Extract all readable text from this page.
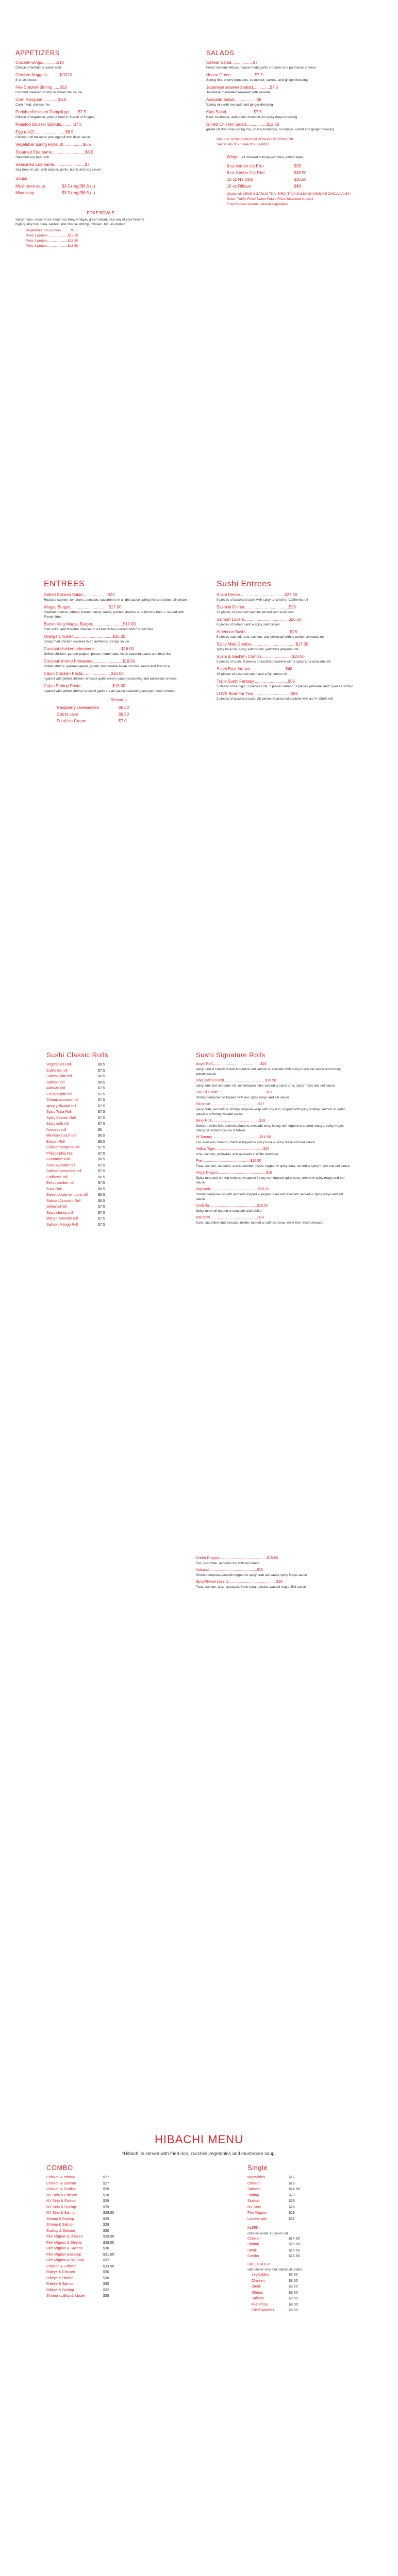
APPETIZERS
Chicken wings.............$10
Choice of buffalo or sweet chili
Chicken Nuggets...........$10/10
8 or 10 pieces
Fire Cracker Shrimp.......$10
Coconut breaded shrimp in sweet chili sauce
Corn Rangoon..............$6.5
Corn meat, cheese mix
Pork/beef/chicken Dumplings........$7.5
Choice of vegetable, pork or beef in Starch of 6 types
Roasted Brussel Sprouts...........$7.5
Egg roll(2)...........................$6.5
Chicken roll balsamic pink eggroll with duck sauce
Vegetable Spring Rolls (3).................$6.5
Steamed Edamame.............................$6.5
Steamed soy bean roll
Seasoned Edamame...........................$7
Soy bean in salt, chili pepper, garlic, butter and soy sauce
Soups
Mushroom soup	$3.5 (reg)/$6.5 (L)
Miso soup	$3.5 (reg)/$6.5 (L)
POKE BOWLS
Spicy mayo, sesame oil, Asian rice brew vinegar, green Salad, plus any of your favorite high quality fish: tuna, salmon and choose shrimp, chicken, tofu as protein
Vegetables Tofu protein...........$15
Poke 1 protein......................$15.50
Poke 2 protein......................$16.50
Poke 3 protein......................$18.50
SALADS
Caesar Salad...................$7
Fresh romaine lettuce, house made garlic croutons and parmesan cheese
House Green.....................$7.5
Spring mix, cherry tomatoes, cucumber, carrots, and ginger dressing
Japanese seaweed salad...............$7.5
Japanese marinated seaweed with sesame
Avocado Salad....................$8
Spring mix with avocado and ginger dressing
Kani Salad........................$7.5
Kani, cucumber, and tobiko mixed in our spicy mayo dressing
Grilled Chicken Salad..................$12.50
grilled chicken over spring mix, cherry tomatoes, cucumber, carrot and ginger dressing
Add-ons: Grilled Salmon $11/Chicken $7/Shrimp $8
Seared Ahi $12/Steak $12/Sash$11
Wings (all dressed coming with fries, asked style)
6 oz combo cut Filet	$28
8 oz Center Cut Filet	$38.50
10 oz NY Strip	$36.50
16 oz Ribeye	$48
Choice of: LEMON GARLIC THAI BIRD ($4)/A SALSA ($4)/SMOKE CHOLULA ($4)
Sides: Truffle Fries/ Sweet Potato Fries/ Seasonal broccoli
Fried Brussel sprouts / Ahead vegetables
ENTREES
Grilled Salmon Salad......................$23
Roasted salmon, tomatoes, avocado, cucumbers in a light sauce spring mix and citrus-dill cream
Wagyu Burger..................................$17.00
cheddar cheese, lettuce, tomato, fancy sauce, pickled shallots on a brioche bun — served with French fries
Bacon King Wagyu Burger...........................$19.00
fried onion and cheddar cheese on a brioche bun served with French fries
Orange Chicken..................................$16.00
crispy fried chicken covered in an authentic orange sauce
Coconut chicken primavera........................$16.00
Grilled chicken, garden pepper, potato, homemade Asian coconut sauce and fried rice
Coconut shrimp Primavera..........................$19.00
Grilled shrimp, garden pepper, potato, homemade Asian coconut sauce and fried rice
Cajun Chicken Pasta.........................$16.00
rigatoni with grilled chicken, broccoli garlic cream sauce seasoning and parmesan cheese
Cajun Shrimp Pasta............................$18.00
rigatoni with grilled shrimp, broccoli garlic cream sauce seasoning and parmesan cheese
Desserts
Raspberry cheesecake	$6.50
Carrot cake	$6.50
Fried Ice Cream	$7.0
Sushi Entrees
Sushi Dinner.......................................$27.50
8 pieces of assorted sushi with spicy tuna roll or California roll
Sashimi Dinner.......................................$29
18 pieces of assorted sashimi served with sushi rice
Salmon Lovers.......................................$26.50
6 pieces of salmon and a spicy salmon roll
American Sushi.......................................$26
5 pieces each of: tuna, salmon, and yellowtail with a salmon avocado roll
Spicy Maki Combo.......................................$17.00
spicy tuna roll, spicy salmon roll, yellowtail jalapeno roll
Sushi & Sashimi Combo...........................$33.50
5 pieces of sushi, 9 pieces of assorted sashimi with a spicy tuna avocado roll
Sushi Boat for two...............................$48
16 pieces of assorted sushi and a Dynamite roll
Triple Sushi Fantasy..............................$65
3 classic roll 4 nigiri, 3 pieces tuna, 3 pieces salmon, 3 pieces yellowtail and 3 pieces shrimp
LOVE Boat For Two.................................$86
3 pieces of assorted sushi, 25 pieces of assorted sashimi with an A+ Chefs roll
Sushi Classic Rolls
Vegetables Roll	$6.5
California roll	$7.5
Salmon skin roll	$6.5
Salmon roll	$6.5
Alaskan roll	$7.5
Eel avocado roll	$7.5
Shrimp avocado roll	$7.5
spicy yellowtail roll	$7.5
Spicy Tuna Roll	$7.5
Spicy Salmon Roll	$7.5
Spicy crab roll	$7.5
Avocado roll	$6
Mexican cucumber	$6.5
Boston Roll	$8.5
Chicken tempura roll	$7.5
Philadelphia Roll	$7.5
Cucumber Roll	$6.5
Tuna Avocado roll	$7.5
Salmon cucumber roll	$7.5
California roll	$6.5
Eel cucumber roll	$7.5
Tuna Roll	$6.5
Sweet potato tempura roll	$6.5
Salmon Avocado Roll	$6.5
yellowtail roll	$7.5
Spicy shrimp roll	$7.5
Mango avocado roll	$7.5
Salmon Mango Roll	$7.5
Sushi Signature Rolls
Angel Roll................................................$16
spicy tuna & crunch inside topped w/ eel salmon & avocado with spicy mayo eel sauce and honey wasabi sauce
Dog Crab Crunch.........................................$16.50
spicy kani and avocado roll, eel tempura flake topped w spicy tuna, spicy mayo and eel sauce
Sun Of Snake................................................$17
Shrimp tempura roll topped with eel, spicy mayo and eel sauce
Paradise................................................$17
spicy crab, avocado & shrimp tempura wrap with soy nori, topped with spicy scallop, salmon w. garlic sauce and honey wasabi sauce
Sexy Roll................................................$18
Salmon, white fish, salmon jalapeno avocado wrap in soy nori topped w seared mango, spicy mayo, mango & sriracha sauce & tobiko
Hi Tommy................................................$16.50
Eel, avocado, mango, cheddar topped w spicy tuna w spicy mayo and eel sauce
Yellow Tiger................................................$16
tuna, salmon, yellowtail, and avocado in white seaweed
Fire................................................$16.50
Tuna, salmon, avocado, and cucumber inside, topped w spicy tuna, served w spicy mayo and eel sauce
Virgin Dragon................................................$16
Spicy tuna and shrimp tempura wrapped in soy nori topped spicy tuna, served w spicy mayo and eel sauce
Highland................................................$15.50
Shrimp tempura roll with avocado topped w pepper tuna and avocado served w spicy mayo and eel sauce
Godzilla................................................$15.50
Spicy tuna roll topped w avocado and tobiko
Rainbow................................................$14
Kani, cucumber and avocado inside, topped w salmon, tuna, white fish, fresh avocado
Green Dragon................................................$15.50
Eel, cucumber, avocado top with eel sauce
Volcano................................................$15
Shrimp tempura avocado topped in spicy crab eel sauce spicy Mayo sauce
Spicy/Sweet Love U................................................$16
Tuna, salmon, crab, avocado, fresh tuna, tomato, wasabi mayo, Eel sauce
HIBACHI MENU
*Hibachi is served with fried rice, zucchini vegetables and mushroom soup.
COMBO
Chicken & shrimp	$27
Chicken & Salmon	$27
Chicken & Scallop	$29
NY Strip & Chicken	$28
NY Strip & Shrimp	$28
NY Strip & Scallop	$29
NY Strip & Salmon	$28.50
Shrimp & Scallop	$29
Shrimp & Salmon	$28
Scallop & Salmon	$30
Filet Mignon & chicken	$29.50
Filet Mignon & Shrimp	$29.50
Filet Mignon & Salmon	$30
Filet Mignon &Scallop	$31.50
Filet Mignon & NY Strip	$32
Chicken & Lobster	$33.50
Ribeye & Chicken	$30
Ribeye & Shrimp	$30
Ribeye & Salmon	$30
Ribeye & Scallop	$32
Shrimp scallop & lobster	$35
Single
vegetables	$17
Chicken	$19
Salmon	$24.50
Shrimp	$23
Scallop	$28
NY Strip	$26
Filet Mignon	$29
Lobster tails	$32
Kid/EKI
children under 10 years old
Chicken	$14.50
Shrimp	$15.50
Steak	$15.50
Combo	$16.50
SIDE ORDER
with dinner only, not individual orders
vegetables	$6.50
Chicken	$8.50
Steak	$8.50
Shrimp	$8.50
Salmon	$8.50
Filet Price	$8.50
Fried Noodles	$8.50
